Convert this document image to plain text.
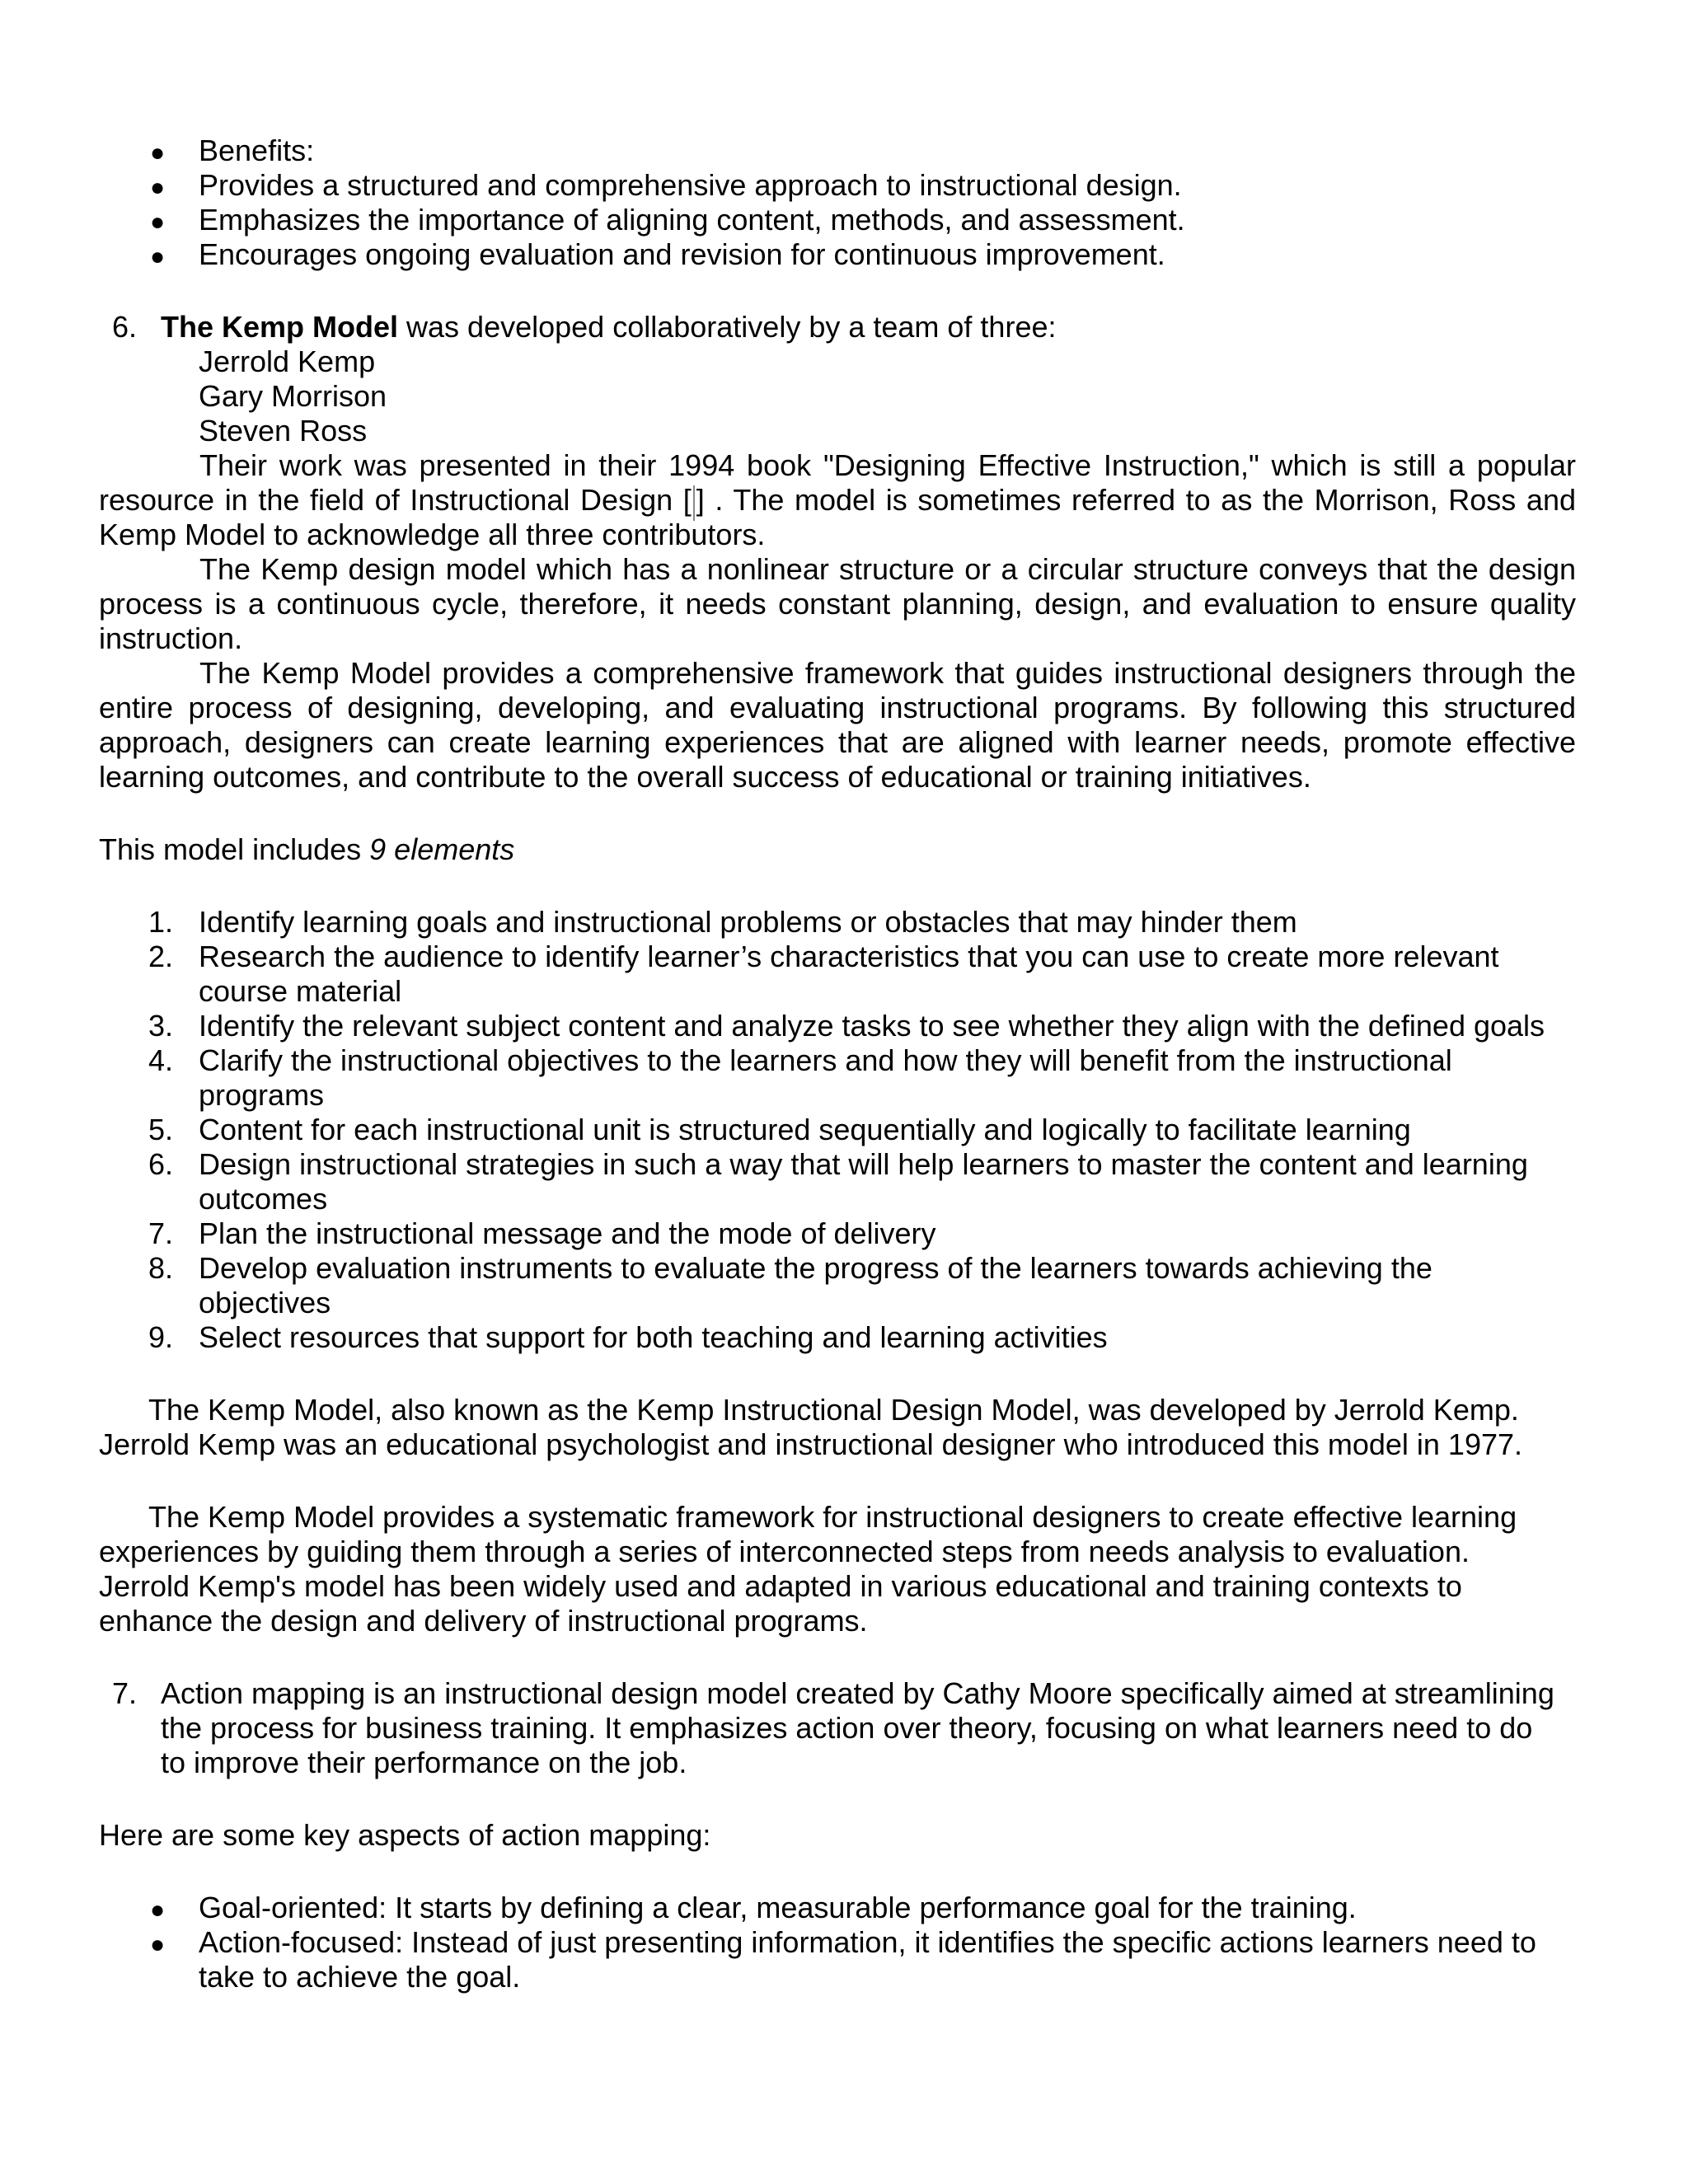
● Benefits:
● Provides a structured and comprehensive approach to instructional design.
● Emphasizes the importance of aligning content, methods, and assessment.
● Encourages ongoing evaluation and revision for continuous improvement.
6. The Kemp Model was developed collaboratively by a team of three:
Jerrold Kemp
Gary Morrison
Steven Ross
Their work was presented in their 1994 book "Designing Effective Instruction," which is still a popular
resource in the field of Instructional Design [ ] . The model is sometimes referred to as the Morrison, Ross and
Kemp Model to acknowledge all three contributors.
The Kemp design model which has a nonlinear structure or a circular structure conveys that the design
process is a continuous cycle, therefore, it needs constant planning, design, and evaluation to ensure quality
instruction.
The Kemp Model provides a comprehensive framework that guides instructional designers through the
entire process of designing, developing, and evaluating instructional programs. By following this structured
approach, designers can create learning experiences that are aligned with learner needs, promote effective
learning outcomes, and contribute to the overall success of educational or training initiatives.
This model includes 9 elements
1. Identify learning goals and instructional problems or obstacles that may hinder them
2. Research the audience to identify learner’s characteristics that you can use to create more relevant
course material
3. Identify the relevant subject content and analyze tasks to see whether they align with the defined goals
4. Clarify the instructional objectives to the learners and how they will benefit from the instructional
programs
5. Content for each instructional unit is structured sequentially and logically to facilitate learning
6. Design instructional strategies in such a way that will help learners to master the content and learning
outcomes
7. Plan the instructional message and the mode of delivery
8. Develop evaluation instruments to evaluate the progress of the learners towards achieving the
objectives
9. Select resources that support for both teaching and learning activities
The Kemp Model, also known as the Kemp Instructional Design Model, was developed by Jerrold Kemp.
Jerrold Kemp was an educational psychologist and instructional designer who introduced this model in 1977.
The Kemp Model provides a systematic framework for instructional designers to create effective learning
experiences by guiding them through a series of interconnected steps from needs analysis to evaluation.
Jerrold Kemp's model has been widely used and adapted in various educational and training contexts to
enhance the design and delivery of instructional programs.
7. Action mapping is an instructional design model created by Cathy Moore specifically aimed at streamlining
the process for business training. It emphasizes action over theory, focusing on what learners need to do
to improve their performance on the job.
Here are some key aspects of action mapping:
● Goal-oriented: It starts by defining a clear, measurable performance goal for the training.
● Action-focused: Instead of just presenting information, it identifies the specific actions learners need to
take to achieve the goal.
